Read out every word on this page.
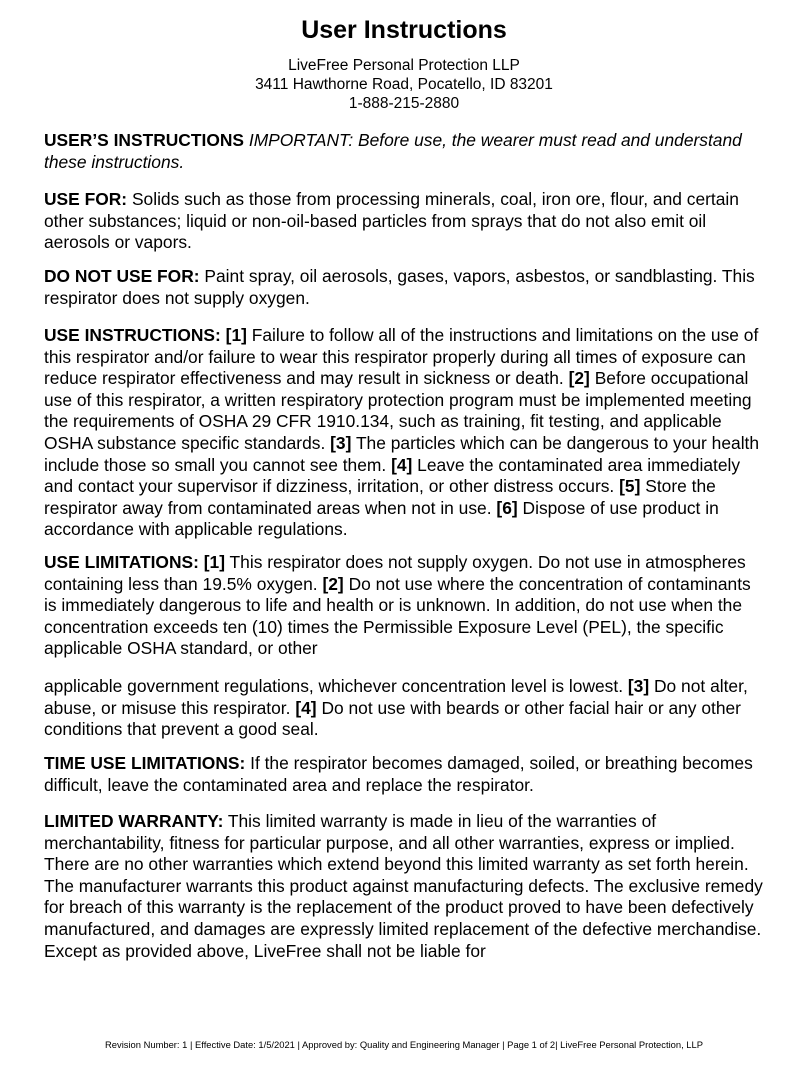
User Instructions
LiveFree Personal Protection LLP
3411 Hawthorne Road, Pocatello, ID 83201
1-888-215-2880

USER’S INSTRUCTIONS IMPORTANT: Before use, the wearer must read and understand these instructions.

USE FOR: Solids such as those from processing minerals, coal, iron ore, flour, and certain other substances; liquid or non-oil-based particles from sprays that do not also emit oil aerosols or vapors.

DO NOT USE FOR: Paint spray, oil aerosols, gases, vapors, asbestos, or sandblasting. This respirator does not supply oxygen.

USE INSTRUCTIONS: [1] Failure to follow all of the instructions and limitations on the use of this respirator and/or failure to wear this respirator properly during all times of exposure can reduce respirator effectiveness and may result in sickness or death. [2] Before occupational use of this respirator, a written respiratory protection program must be implemented meeting the requirements of OSHA 29 CFR 1910.134, such as training, fit testing, and applicable OSHA substance specific standards. [3] The particles which can be dangerous to your health include those so small you cannot see them. [4] Leave the contaminated area immediately and contact your supervisor if dizziness, irritation, or other distress occurs. [5] Store the respirator away from contaminated areas when not in use. [6] Dispose of use product in accordance with applicable regulations.

USE LIMITATIONS: [1] This respirator does not supply oxygen. Do not use in atmospheres containing less than 19.5% oxygen. [2] Do not use where the concentration of contaminants is immediately dangerous to life and health or is unknown. In addition, do not use when the concentration exceeds ten (10) times the Permissible Exposure Level (PEL), the specific applicable OSHA standard, or other

applicable government regulations, whichever concentration level is lowest. [3] Do not alter, abuse, or misuse this respirator. [4] Do not use with beards or other facial hair or any other conditions that prevent a good seal.

TIME USE LIMITATIONS: If the respirator becomes damaged, soiled, or breathing becomes difficult, leave the contaminated area and replace the respirator.

LIMITED WARRANTY: This limited warranty is made in lieu of the warranties of merchantability, fitness for particular purpose, and all other warranties, express or implied. There are no other warranties which extend beyond this limited warranty as set forth herein. The manufacturer warrants this product against manufacturing defects. The exclusive remedy for breach of this warranty is the replacement of the product proved to have been defectively manufactured, and damages are expressly limited replacement of the defective merchandise. Except as provided above, LiveFree shall not be liable for

Revision Number: 1 | Effective Date: 1/5/2021 | Approved by: Quality and Engineering Manager | Page 1 of 2| LiveFree Personal Protection, LLP
